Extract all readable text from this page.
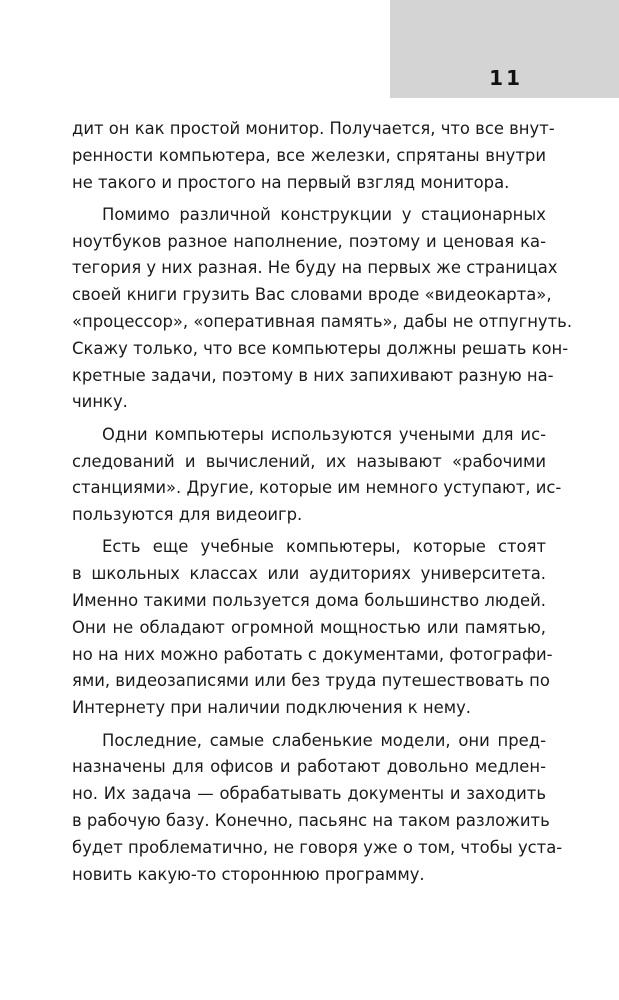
11
дит он как простой монитор. Получается, что все внут-
ренности компьютера, все железки, спрятаны внутри
не такого и простого на первый взгляд монитора.
Помимо различной конструкции у стационарных
ноутбуков разное наполнение, поэтому и ценовая ка-
тегория у них разная. Не буду на первых же страницах
своей книги грузить Вас словами вроде «видеокарта»,
«процессор», «оперативная память», дабы не отпугнуть.
Скажу только, что все компьютеры должны решать кон-
кретные задачи, поэтому в них запихивают разную на-
чинку.
Одни компьютеры используются учеными для ис-
следований и вычислений, их называют «рабочими
станциями». Другие, которые им немного уступают, ис-
пользуются для видеоигр.
Есть еще учебные компьютеры, которые стоят
в школьных классах или аудиториях университета.
Именно такими пользуется дома большинство людей.
Они не обладают огромной мощностью или памятью,
но на них можно работать с документами, фотографи-
ями, видеозаписями или без труда путешествовать по
Интернету при наличии подключения к нему.
Последние, самые слабенькие модели, они пред-
назначены для офисов и работают довольно медлен-
но. Их задача — обрабатывать документы и заходить
в рабочую базу. Конечно, пасьянс на таком разложить
будет проблематично, не говоря уже о том, чтобы уста-
новить какую-то стороннюю программу.
